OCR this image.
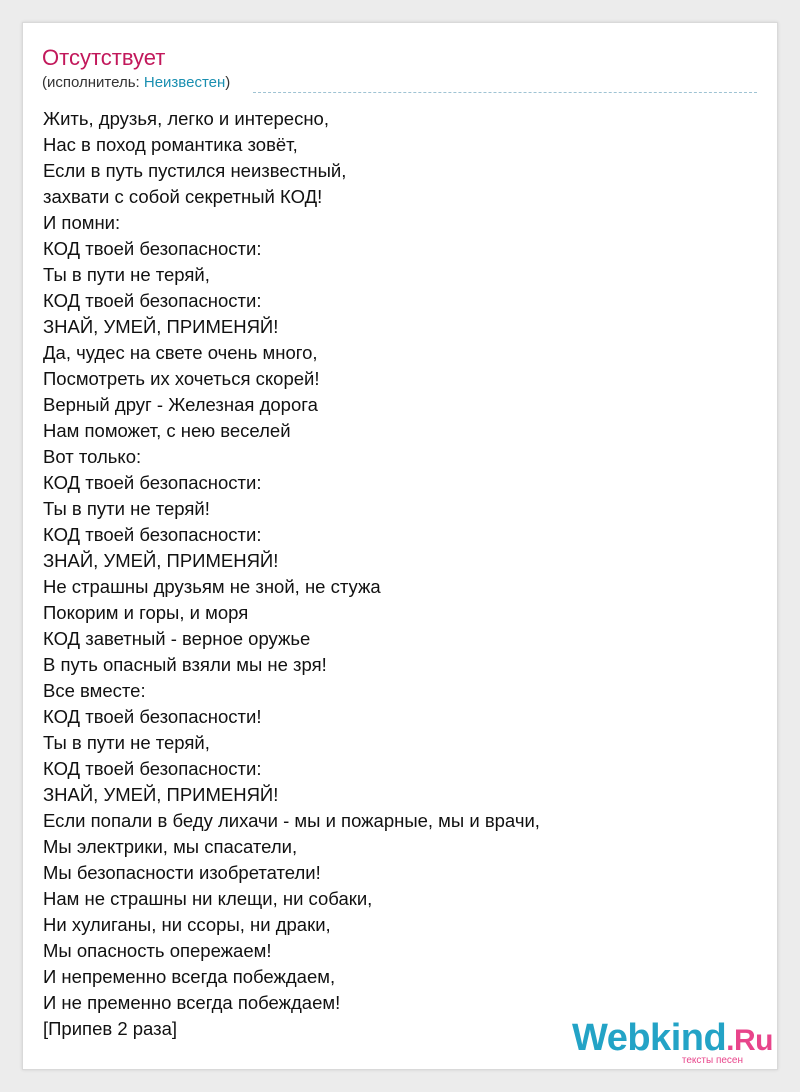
Отсутствует
(исполнитель: Неизвестен)
Жить, друзья, легко и интересно,
Нас в поход романтика зовёт,
Если в путь пустился неизвестный,
захвати с собой секретный КОД!
И помни:
КОД твоей безопасности:
Ты в пути не теряй,
КОД твоей безопасности:
ЗНАЙ, УМЕЙ, ПРИМЕНЯЙ!
Да, чудес на свете очень много,
Посмотреть их хочеться скорей!
Верный друг - Железная дорога
Нам поможет, с нею веселей
Вот только:
КОД твоей безопасности:
Ты в пути не теряй!
КОД твоей безопасности:
ЗНАЙ, УМЕЙ, ПРИМЕНЯЙ!
Не страшны друзьям не зной, не стужа
Покорим и горы, и моря
КОД заветный - верное оружье
В путь опасный взяли мы не зря!
Все вместе:
КОД твоей безопасности!
Ты в пути не теряй,
КОД твоей безопасности:
ЗНАЙ, УМЕЙ, ПРИМЕНЯЙ!
Если попали в беду лихачи - мы и пожарные, мы и врачи,
Мы электрики, мы спасатели,
Мы безопасности изобретатели!
Нам не страшны ни клещи, ни собаки,
Ни хулиганы, ни ссоры, ни драки,
Мы опасность опережаем!
И непременно всегда побеждаем,
И не пременно всегда побеждаем!
[Припев 2 раза]	Webkind.Ru
тексты песен
